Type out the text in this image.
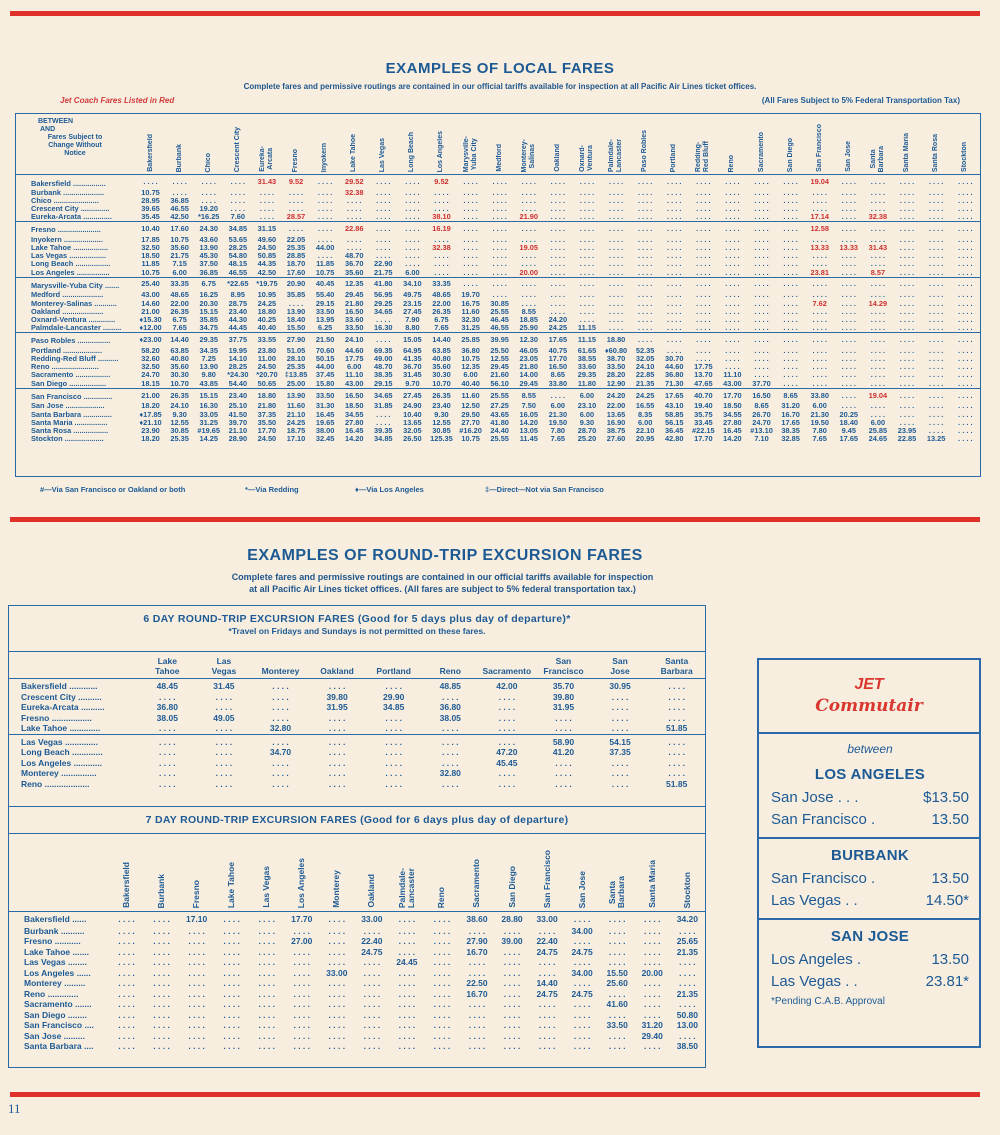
EXAMPLES OF LOCAL FARES
Complete fares and permissive routings are contained in our official tariffs available for inspection at all Pacific Air Lines ticket offices.
Jet Coach Fares Listed in Red	(All Fares Subject to 5% Federal Transportation Tax)
BETWEEN
AND
Fares Subject to
Change Without
Notice

	Bakersfield	Burbank	Chico	Crescent City	Eureka-
Arcata	Fresno	Inyokern	Lake Tahoe	Las Vegas	Long Beach	Los Angeles	Marysville-
Yuba City	Medford	Monterey-
Salinas	Oakland	Oxnard-
Ventura	Palmdale-
Lancaster	Paso Robles	Portland	Redding-
Red Bluff	Reno	Sacramento	San Diego	San Francisco	San Jose	Santa
Barbara	Santa Maria	Santa Rosa	Stockton

Bakersfield ................	. . . .	. . . .	. . . .	. . . .	31.43	9.52	. . . .	29.52	. . . .	. . . .	9.52	. . . .	. . . .	. . . .	. . . .	. . . .	. . . .	. . . .	. . . .	. . . .	. . . .	. . . .	. . . .	19.04	. . . .	. . . .	. . . .	. . . .	. . . .
Burbank ....................	10.75	. . . .	. . . .	. . . .	. . . .	. . . .	. . . .	32.38	. . . .	. . . .	. . . .	. . . .	. . . .	. . . .	. . . .	. . . .	. . . .	. . . .	. . . .	. . . .	. . . .	. . . .	. . . .	. . . .	. . . .	. . . .	. . . .	. . . .	. . . .
Chico ......................	28.95	36.85	. . . .	. . . .	. . . .	. . . .	. . . .	. . . .	. . . .	. . . .	. . . .	. . . .	. . . .	. . . .	. . . .	. . . .	. . . .	. . . .	. . . .	. . . .	. . . .	. . . .	. . . .	. . . .	. . . .	. . . .	. . . .	. . . .	. . . .
Crescent City ..............	39.65	46.55	19.20	. . . .	. . . .	. . . .	. . . .	. . . .	. . . .	. . . .	. . . .	. . . .	. . . .	. . . .	. . . .	. . . .	. . . .	. . . .	. . . .	. . . .	. . . .	. . . .	. . . .	. . . .	. . . .	. . . .	. . . .	. . . .	. . . .
Eureka-Arcata ..............	35.45	42.50	*16.25	7.60	. . . .	28.57	. . . .	. . . .	. . . .	. . . .	38.10	. . . .	. . . .	21.90	. . . .	. . . .	. . . .	. . . .	. . . .	. . . .	. . . .	. . . .	. . . .	17.14	. . . .	32.38	. . . .	. . . .	. . . .
Fresno .....................	10.40	17.60	24.30	34.85	31.15	. . . .	. . . .	22.86	. . . .	. . . .	16.19	. . . .	. . . .	. . . .	. . . .	. . . .	. . . .	. . . .	. . . .	. . . .	. . . .	. . . .	. . . .	12.58	. . . .	. . . .	. . . .	. . . .	. . . .
Inyokern ...................	17.85	10.75	43.60	53.65	49.60	22.05	. . . .	. . . .	. . . .	. . . .	. . . .	. . . .	. . . .	. . . .	. . . .	. . . .	. . . .	. . . .	. . . .	. . . .	. . . .	. . . .	. . . .	. . . .	. . . .	. . . .	. . . .	. . . .	. . . .
Lake Tahoe .................	32.50	35.60	13.90	28.25	24.50	25.35	44.00	. . . .	. . . .	. . . .	32.38	. . . .	. . . .	19.05	. . . .	. . . .	. . . .	. . . .	. . . .	. . . .	. . . .	. . . .	. . . .	13.33	13.33	31.43	. . . .	. . . .	. . . .
Las Vegas ..................	18.50	21.75	45.30	54.80	50.85	28.85	. . . .	48.70	. . . .	. . . .	. . . .	. . . .	. . . .	. . . .	. . . .	. . . .	. . . .	. . . .	. . . .	. . . .	. . . .	. . . .	. . . .	. . . .	. . . .	. . . .	. . . .	. . . .	. . . .
Long Beach .................	11.85	7.15	37.50	48.15	44.35	18.70	11.85	36.70	22.90	. . . .	. . . .	. . . .	. . . .	. . . .	. . . .	. . . .	. . . .	. . . .	. . . .	. . . .	. . . .	. . . .	. . . .	. . . .	. . . .	. . . .	. . . .	. . . .	. . . .
Los Angeles ................	10.75	6.00	36.85	46.55	42.50	17.60	10.75	35.60	21.75	6.00	. . . .	. . . .	. . . .	20.00	. . . .	. . . .	. . . .	. . . .	. . . .	. . . .	. . . .	. . . .	. . . .	23.81	. . . .	8.57	. . . .	. . . .	. . . .
Marysville-Yuba City .......	25.40	33.35	6.75	*22.65	*19.75	20.90	40.45	12.35	41.80	34.10	33.35	. . . .	. . . .	. . . .	. . . .	. . . .	. . . .	. . . .	. . . .	. . . .	. . . .	. . . .	. . . .	. . . .	. . . .	. . . .	. . . .	. . . .	. . . .
Medford ....................	43.00	48.65	16.25	8.95	10.95	35.85	55.40	29.45	56.95	49.75	48.65	19.70	. . . .	. . . .	. . . .	. . . .	. . . .	. . . .	. . . .	. . . .	. . . .	. . . .	. . . .	. . . .	. . . .	. . . .	. . . .	. . . .	. . . .
Monterey-Salinas ...........	14.60	22.00	20.30	28.75	24.25	. . . .	29.15	21.80	29.25	23.15	22.00	16.75	30.85	. . . .	. . . .	. . . .	. . . .	. . . .	. . . .	. . . .	. . . .	. . . .	. . . .	7.62	. . . .	14.29	. . . .	. . . .	. . . .
Oakland ....................	21.00	26.35	15.15	23.40	18.80	13.90	33.50	16.50	34.65	27.45	26.35	11.60	25.55	8.55	. . . .	. . . .	. . . .	. . . .	. . . .	. . . .	. . . .	. . . .	. . . .	. . . .	. . . .	. . . .	. . . .	. . . .	. . . .
Oxnard-Ventura .............	♦15.30	6.75	35.85	44.30	40.25	18.40	13.95	33.60	. . . .	7.90	6.75	32.30	46.45	18.85	24.20	. . . .	. . . .	. . . .	. . . .	. . . .	. . . .	. . . .	. . . .	. . . .	. . . .	. . . .	. . . .	. . . .	. . . .
Palmdale-Lancaster .........	♦12.00	7.65	34.75	44.45	40.40	15.50	6.25	33.50	16.30	8.80	7.65	31.25	46.55	25.90	24.25	11.15	. . . .	. . . .	. . . .	. . . .	. . . .	. . . .	. . . .	. . . .	. . . .	. . . .	. . . .	. . . .	. . . .
Paso Robles ................	♦23.00	14.40	29.35	37.75	33.55	27.90	21.50	24.10	. . . .	15.05	14.40	25.85	39.95	12.30	17.65	11.15	18.80	. . . .	. . . .	. . . .	. . . .	. . . .	. . . .	. . . .	. . . .	. . . .	. . . .	. . . .	. . . .
Portland ...................	58.20	63.85	34.35	19.95	23.80	51.05	70.60	44.60	69.35	64.95	63.85	36.80	25.50	46.05	40.75	61.65	♦60.80	52.35	. . . .	. . . .	. . . .	. . . .	. . . .	. . . .	. . . .	. . . .	. . . .	. . . .	. . . .
Redding-Red Bluff ..........	32.60	40.80	7.25	14.10	11.00	28.10	50.15	17.75	49.00	41.35	40.80	10.75	12.55	23.05	17.70	38.55	38.70	32.05	30.70	. . . .	. . . .	. . . .	. . . .	. . . .	. . . .	. . . .	. . . .	. . . .	. . . .
Reno .......................	32.50	35.60	13.90	28.25	24.50	25.35	44.00	6.00	48.70	36.70	35.60	12.35	29.45	21.80	16.50	33.60	33.50	24.10	44.60	17.75	. . . .	. . . .	. . . .	. . . .	. . . .	. . . .	. . . .	. . . .	. . . .
Sacramento .................	24.70	30.30	9.80	*24.30	*20.70	‡13.85	37.45	11.10	38.35	31.45	30.30	6.00	21.60	14.00	8.65	29.35	28.20	22.85	36.80	13.70	11.10	. . . .	. . . .	. . . .	. . . .	. . . .	. . . .	. . . .	. . . .
San Diego ..................	18.15	10.70	43.85	54.40	50.65	25.00	15.80	43.00	29.15	9.70	10.70	40.40	56.10	29.45	33.80	11.80	12.90	21.35	71.30	47.65	43.00	37.70	. . . .	. . . .	. . . .	. . . .	. . . .	. . . .	. . . .
San Francisco ..............	21.00	26.35	15.15	23.40	18.80	13.90	33.50	16.50	34.65	27.45	26.35	11.60	25.55	8.55	. . . .	6.00	24.20	24.25	17.65	40.70	17.70	16.50	8.65	33.80	. . . .	19.04	. . . .	. . . .	. . . .
San Jose ...................	18.20	24.10	16.30	25.10	21.80	11.60	31.30	18.50	31.85	24.90	23.40	12.50	27.25	7.50	6.00	23.10	22.00	16.55	43.10	19.40	18.50	8.65	31.20	6.00	. . . .	. . . .	. . . .	. . . .	. . . .
Santa Barbara ..............	♦17.85	9.30	33.05	41.50	37.35	21.10	16.45	34.55	. . . .	10.40	9.30	29.50	43.65	16.05	21.30	6.00	13.65	8.35	58.85	35.75	34.55	26.70	16.70	21.30	20.25	. . . .	. . . .	. . . .	. . . .
Santa Maria ................	♦21.10	12.55	31.25	39.70	35.50	24.25	19.65	27.80	. . . .	13.65	12.55	27.70	41.80	14.20	19.50	9.30	16.90	6.00	56.15	33.45	27.80	24.70	17.65	19.50	18.40	6.00	. . . .	. . . .	. . . .
Santa Rosa .................	23.90	30.85	#19.65	21.10	17.70	18.75	38.00	16.45	39.35	32.05	30.85	#16.20	24.40	13.05	7.80	28.70	38.75	22.10	36.45	#22.15	16.45	#13.10	38.35	7.80	9.45	25.85	23.95	. . . .	. . . .
Stockton ...................	18.20	25.35	14.25	28.90	24.50	17.10	32.45	14.20	34.85	26.50	125.35	10.75	25.55	11.45	7.65	25.20	27.60	20.95	42.80	17.70	14.20	7.10	32.85	7.65	17.65	24.65	22.85	13.25	. . . .
#—Via San Francisco or Oakland or both	*—Via Redding	♦—Via Los Angeles	‡—Direct—Not via San Francisco
EXAMPLES OF ROUND-TRIP EXCURSION FARES
Complete fares and permissive routings are contained in our official tariffs available for inspection
at all Pacific Air Lines ticket offices. (All fares are subject to 5% federal transportation tax.)
6 DAY ROUND-TRIP EXCURSION FARES (Good for 5 days plus day of departure)*
*Travel on Fridays and Sundays is not permitted on these fares.
	Lake
Tahoe	Las
Vegas	Monterey	Oakland	Portland	Reno	Sacramento	San
Francisco	San
Jose	Santa
Barbara
Bakersfield ............	48.45	31.45	. . . .	. . . .	. . . .	48.85	42.00	35.70	30.95	. . . .
Crescent City ..........	. . . .	. . . .	. . . .	39.80	29.90	. . . .	. . . .	39.80	. . . .	. . . .
Eureka-Arcata ..........	36.80	. . . .	. . . .	31.95	34.85	36.80	. . . .	31.95	. . . .	. . . .
Fresno .................	38.05	49.05	. . . .	. . . .	. . . .	38.05	. . . .	. . . .	. . . .	. . . .
Lake Tahoe .............	. . . .	. . . .	32.80	. . . .	. . . .	. . . .	. . . .	. . . .	. . . .	51.85
Las Vegas ..............	. . . .	. . . .	. . . .	. . . .	. . . .	. . . .	. . . .	58.90	54.15	. . . .
Long Beach .............	. . . .	. . . .	34.70	. . . .	. . . .	. . . .	47.20	41.20	37.35	. . . .
Los Angeles ............	. . . .	. . . .	. . . .	. . . .	. . . .	. . . .	45.45	. . . .	. . . .	. . . .
Monterey ...............	. . . .	. . . .	. . . .	. . . .	. . . .	32.80	. . . .	. . . .	. . . .	. . . .
Reno ...................	. . . .	. . . .	. . . .	. . . .	. . . .	. . . .	. . . .	. . . .	. . . .	51.85
7 DAY ROUND-TRIP EXCURSION FARES (Good for 6 days plus day of departure)

	Bakersfield	Burbank	Fresno	Lake Tahoe	Las Vegas	Los Angeles	Monterey	Oakland	Palmdale-
Lancaster	Reno	Sacramento	San Diego	San Francisco	San Jose	Santa
Barbara	Santa Maria	Stockton

Bakersfield ......	. . . .	. . . .	17.10	. . . .	. . . .	17.70	. . . .	33.00	. . . .	. . . .	38.60	28.80	33.00	. . . .	. . . .	. . . .	34.20
Burbank ..........	. . . .	. . . .	. . . .	. . . .	. . . .	. . . .	. . . .	. . . .	. . . .	. . . .	. . . .	. . . .	. . . .	34.00	. . . .	. . . .	. . . .
Fresno ...........	. . . .	. . . .	. . . .	. . . .	. . . .	27.00	. . . .	22.40	. . . .	. . . .	27.90	39.00	22.40	. . . .	. . . .	. . . .	25.65
Lake Tahoe .......	. . . .	. . . .	. . . .	. . . .	. . . .	. . . .	. . . .	24.75	. . . .	. . . .	16.70	. . . .	24.75	24.75	. . . .	. . . .	21.35
Las Vegas ........	. . . .	. . . .	. . . .	. . . .	. . . .	. . . .	. . . .	. . . .	24.45	. . . .	. . . .	. . . .	. . . .	. . . .	. . . .	. . . .	. . . .
Los Angeles ......	. . . .	. . . .	. . . .	. . . .	. . . .	. . . .	33.00	. . . .	. . . .	. . . .	. . . .	. . . .	. . . .	34.00	15.50	20.00	. . . .
Monterey .........	. . . .	. . . .	. . . .	. . . .	. . . .	. . . .	. . . .	. . . .	. . . .	. . . .	22.50	. . . .	14.40	. . . .	25.60	. . . .	. . . .
Reno .............	. . . .	. . . .	. . . .	. . . .	. . . .	. . . .	. . . .	. . . .	. . . .	. . . .	16.70	. . . .	24.75	24.75	. . . .	. . . .	21.35
Sacramento .......	. . . .	. . . .	. . . .	. . . .	. . . .	. . . .	. . . .	. . . .	. . . .	. . . .	. . . .	. . . .	. . . .	. . . .	41.60	. . . .	. . . .
San Diego ........	. . . .	. . . .	. . . .	. . . .	. . . .	. . . .	. . . .	. . . .	. . . .	. . . .	. . . .	. . . .	. . . .	. . . .	. . . .	. . . .	50.80
San Francisco ....	. . . .	. . . .	. . . .	. . . .	. . . .	. . . .	. . . .	. . . .	. . . .	. . . .	. . . .	. . . .	. . . .	. . . .	33.50	31.20	13.00
San Jose .........	. . . .	. . . .	. . . .	. . . .	. . . .	. . . .	. . . .	. . . .	. . . .	. . . .	. . . .	. . . .	. . . .	. . . .	. . . .	29.40	. . . .
Santa Barbara ....	. . . .	. . . .	. . . .	. . . .	. . . .	. . . .	. . . .	. . . .	. . . .	. . . .	. . . .	. . . .	. . . .	. . . .	. . . .	. . . .	38.50
JET
Commutair
between
LOS ANGELES
San Jose . . .	$13.50
San Francisco .	13.50
BURBANK
San Francisco .	13.50
Las Vegas . .	14.50*
SAN JOSE
Los Angeles .	13.50
Las Vegas . .	23.81*
*Pending C.A.B. Approval
11
